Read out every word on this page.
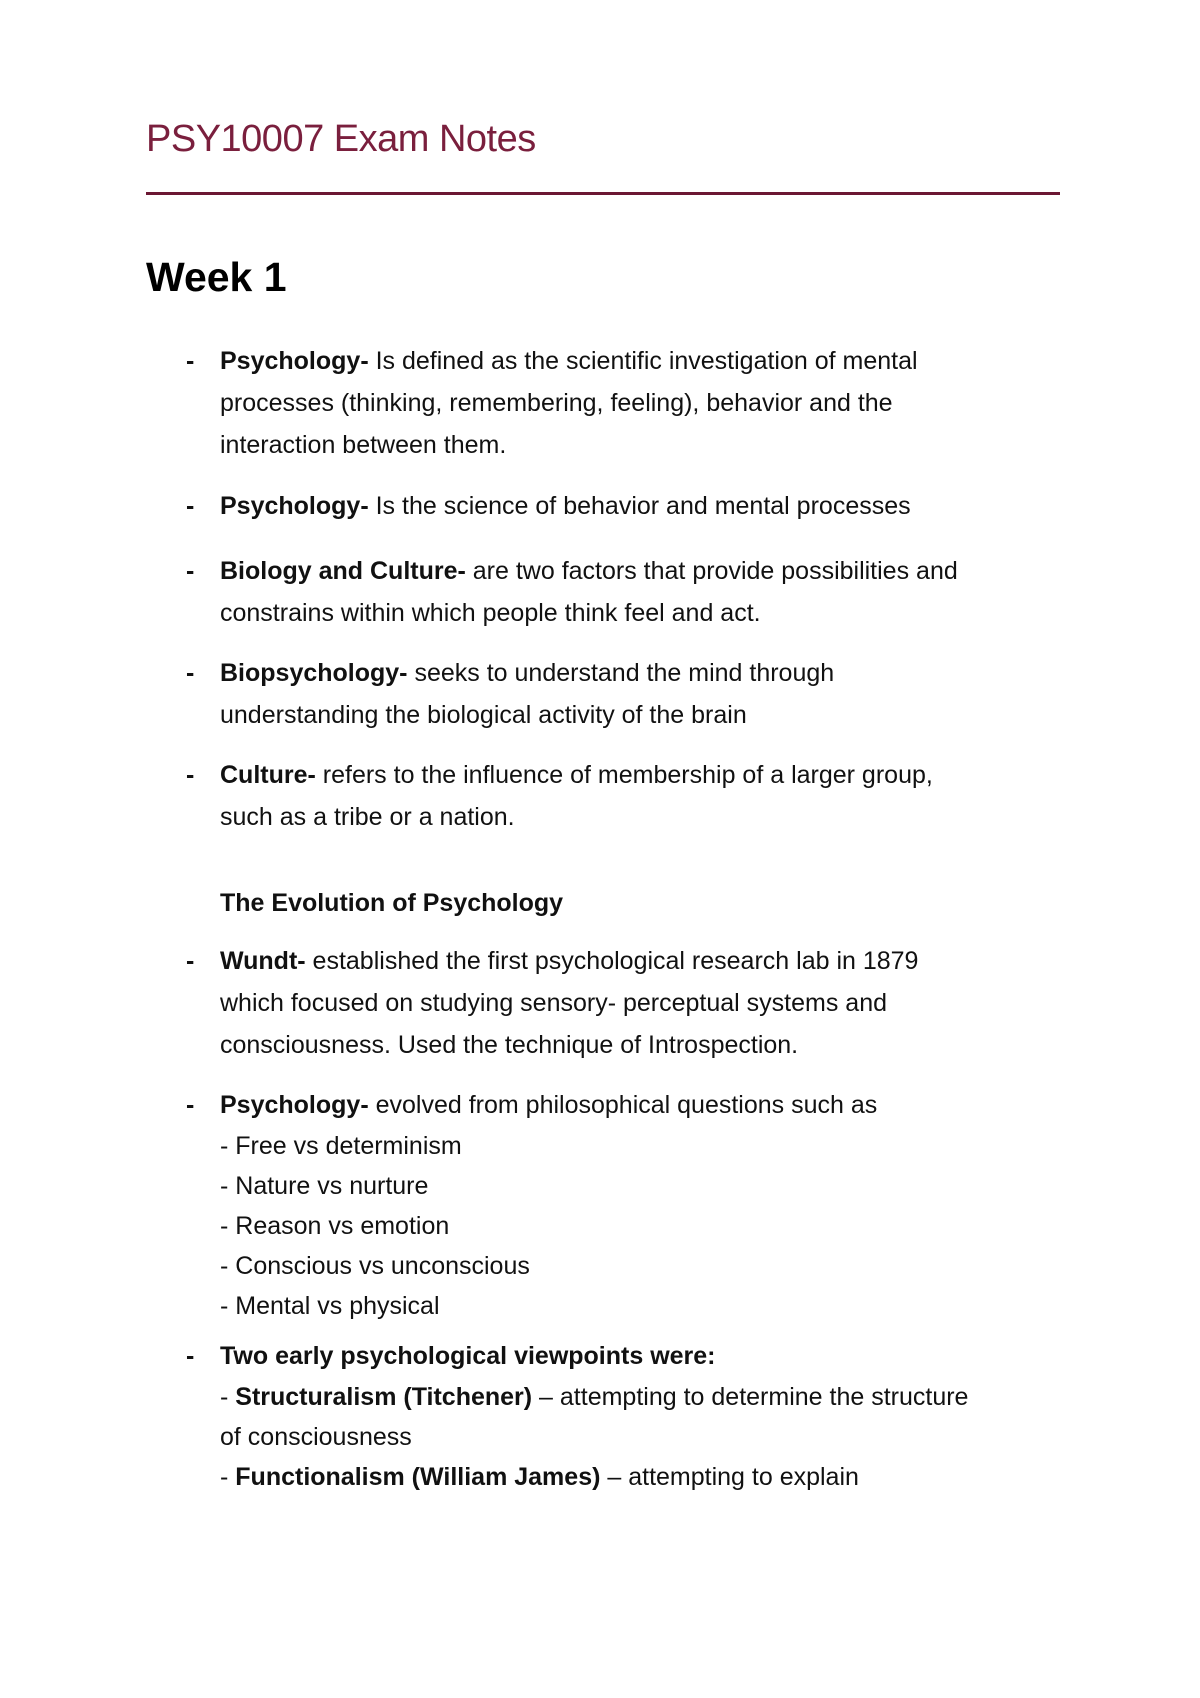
PSY10007 Exam Notes
Week 1
- Psychology- Is defined as the scientific investigation of mental
processes (thinking, remembering, feeling), behavior and the
interaction between them.
- Psychology- Is the science of behavior and mental processes
- Biology and Culture- are two factors that provide possibilities and
constrains within which people think feel and act.
- Biopsychology- seeks to understand the mind through
understanding the biological activity of the brain
- Culture- refers to the influence of membership of a larger group,
such as a tribe or a nation.
The Evolution of Psychology
- Wundt- established the first psychological research lab in 1879
which focused on studying sensory- perceptual systems and
consciousness. Used the technique of Introspection.
- Psychology- evolved from philosophical questions such as
- Free vs determinism
- Nature vs nurture
- Reason vs emotion
- Conscious vs unconscious
- Mental vs physical
- Two early psychological viewpoints were:
- Structuralism (Titchener) – attempting to determine the structure
of consciousness
- Functionalism (William James) – attempting to explain
